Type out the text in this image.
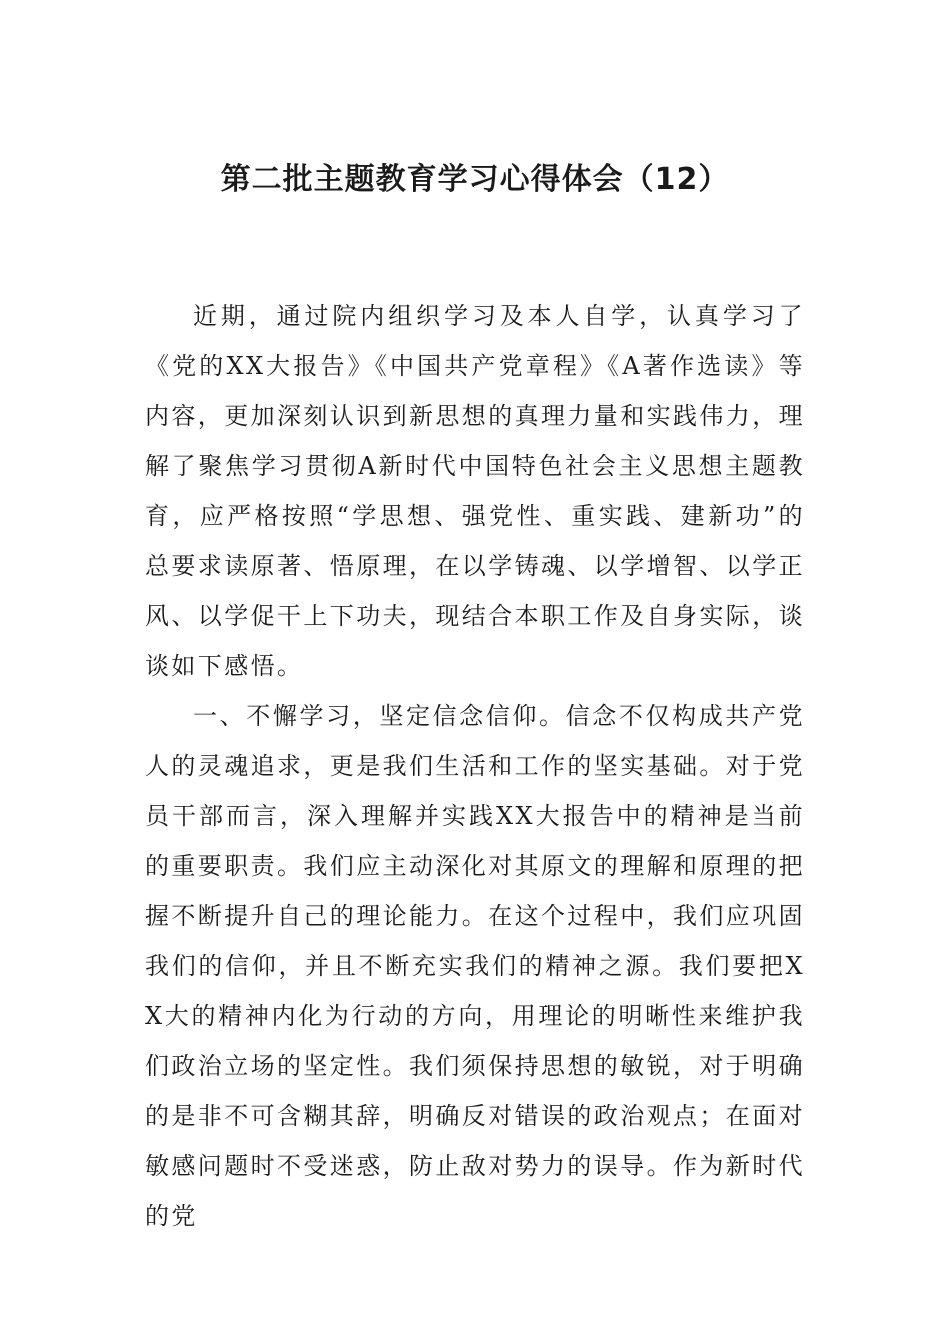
第二批主题教育学习心得体会（12）

近期，通过院内组织学习及本人自学，认真学习了《党的XX大报告》《中国共产党章程》《A著作选读》等内容，更加深刻认识到新思想的真理力量和实践伟力，理解了聚焦学习贯彻A新时代中国特色社会主义思想主题教育，应严格按照“学思想、强党性、重实践、建新功”的总要求读原著、悟原理，在以学铸魂、以学增智、以学正风、以学促干上下功夫，现结合本职工作及自身实际，谈谈如下感悟。

一、不懈学习，坚定信念信仰。信念不仅构成共产党人的灵魂追求，更是我们生活和工作的坚实基础。对于党员干部而言，深入理解并实践XX大报告中的精神是当前的重要职责。我们应主动深化对其原文的理解和原理的把握不断提升自己的理论能力。在这个过程中，我们应巩固我们的信仰，并且不断充实我们的精神之源。我们要把XX大的精神内化为行动的方向，用理论的明晰性来维护我们政治立场的坚定性。我们须保持思想的敏锐，对于明确的是非不可含糊其辞，明确反对错误的政治观点；在面对敏感问题时不受迷惑，防止敌对势力的误导。作为新时代的党
